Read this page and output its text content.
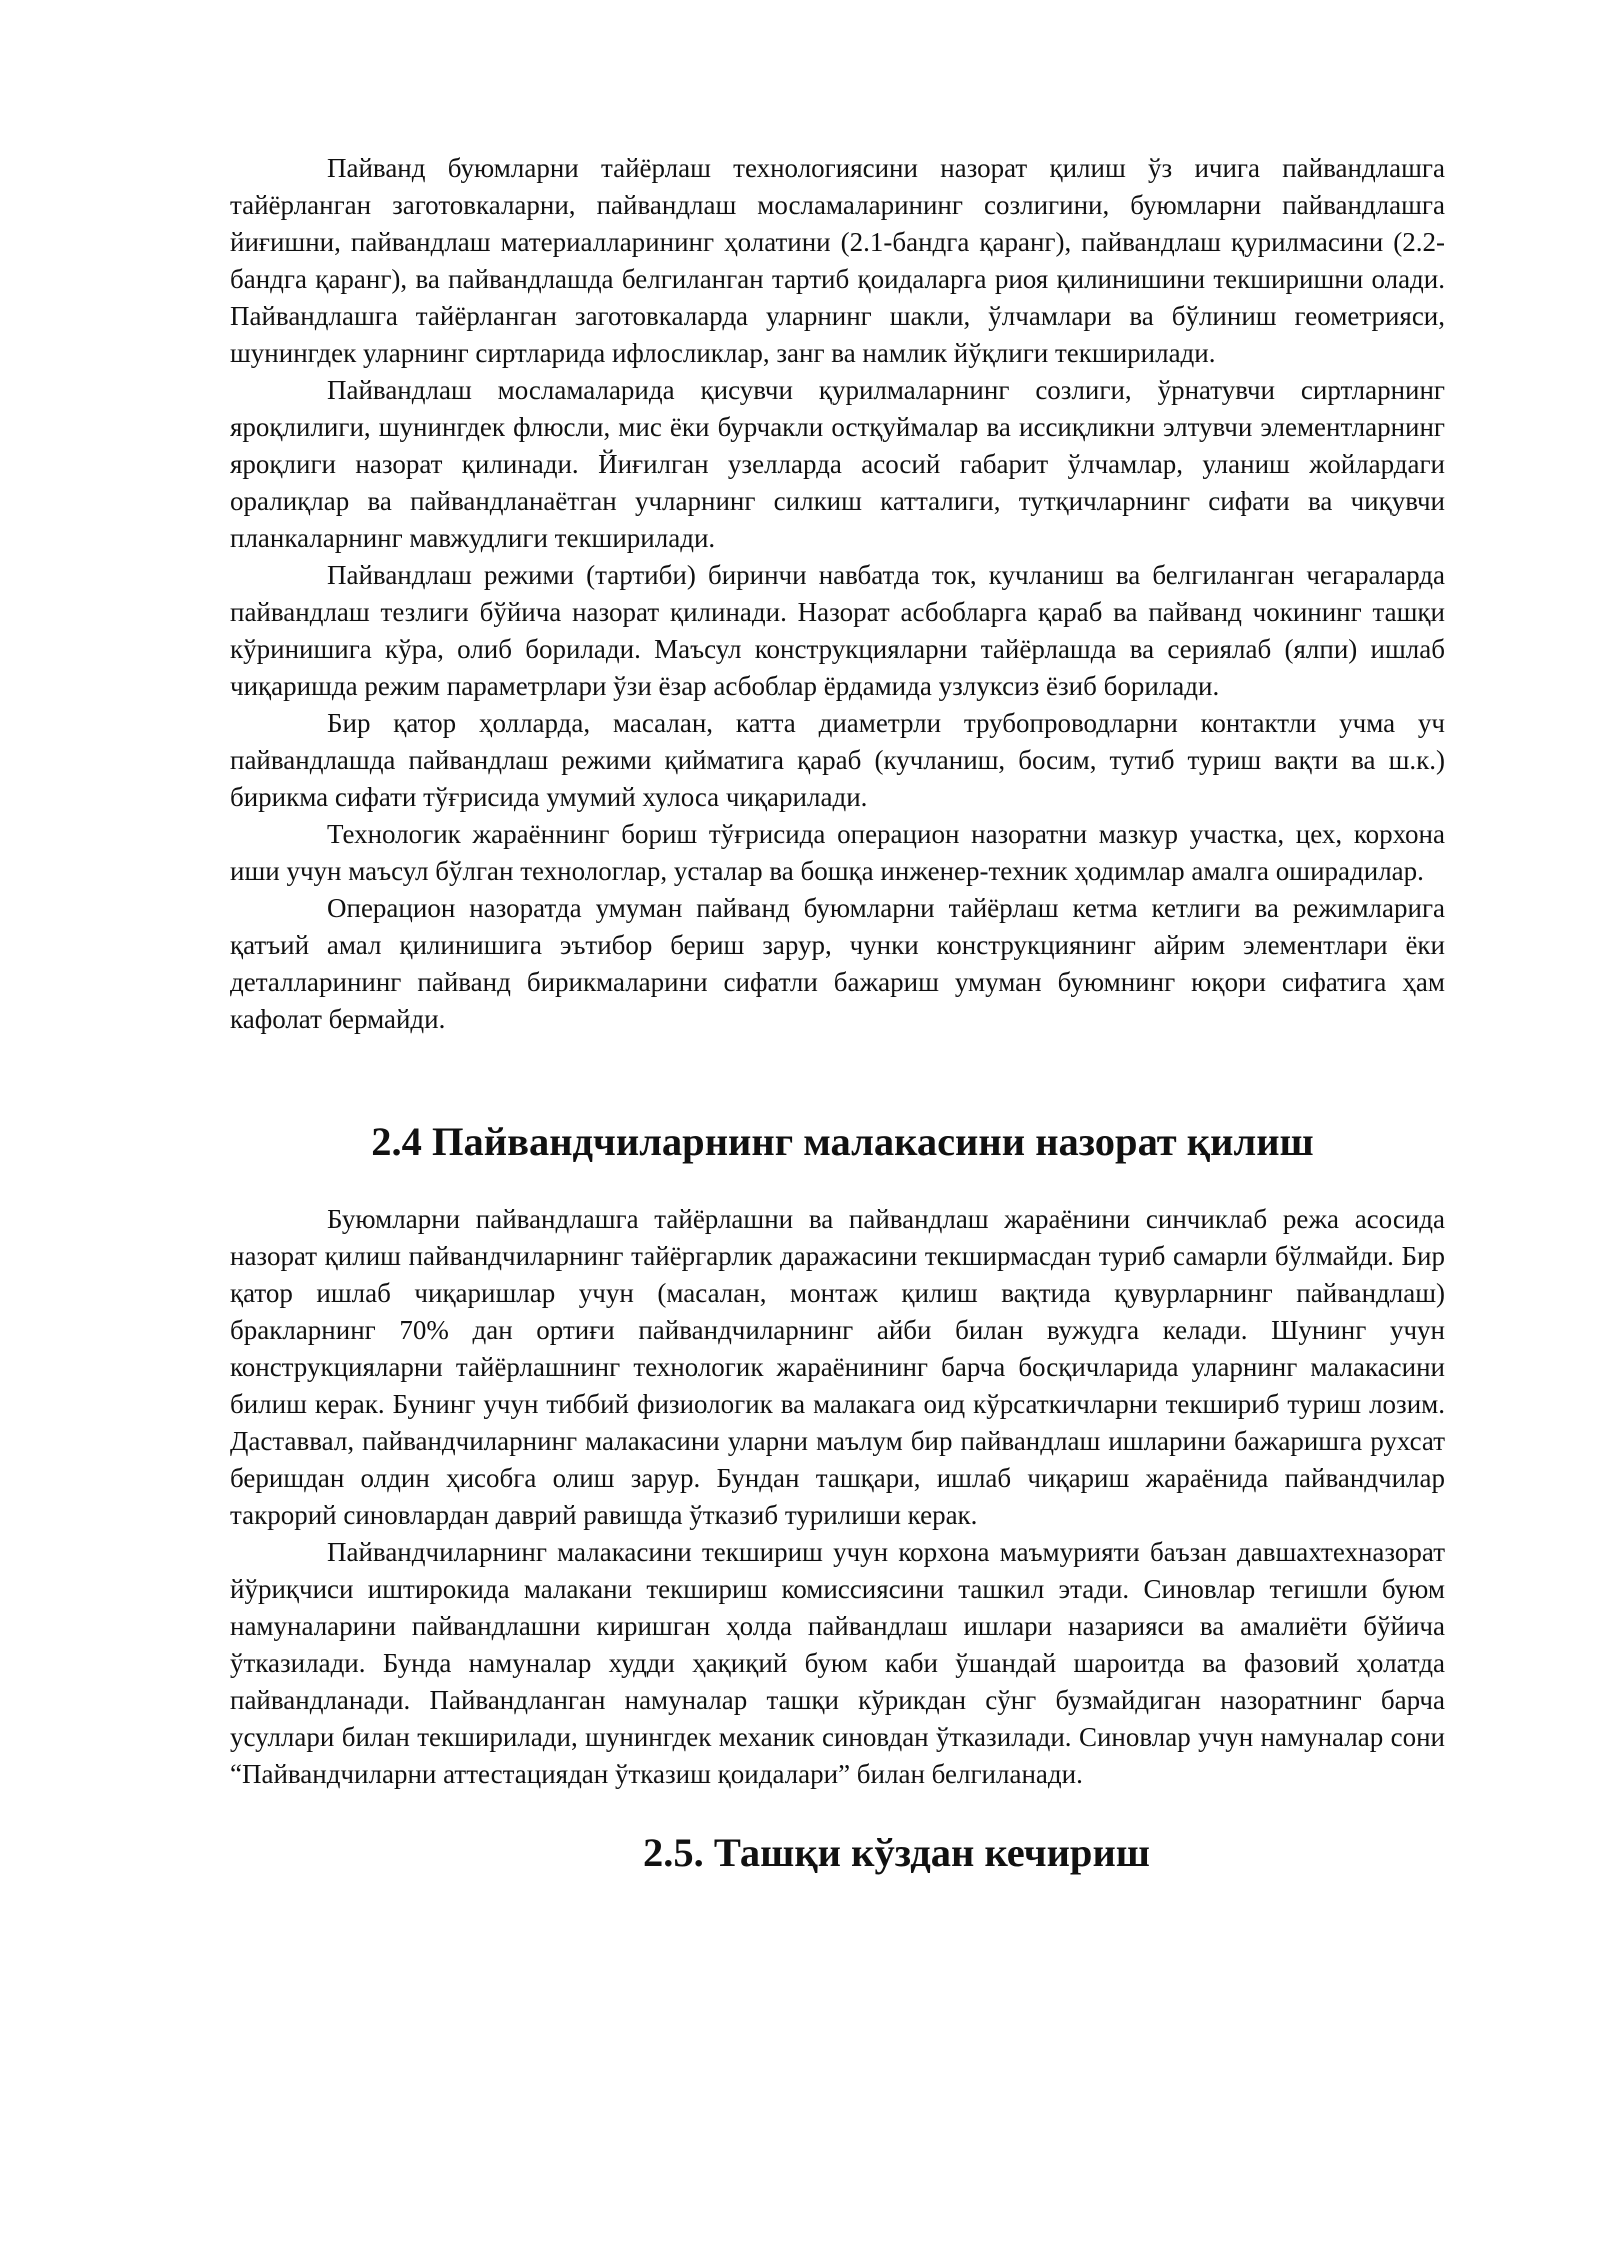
Пайванд буюмларни тайёрлаш технологиясини назорат қилиш ўз ичига пайвандлашга тайёрланган заготовкаларни, пайвандлаш мосламаларининг созлигини, буюмларни пайвандлашга йиғишни, пайвандлаш материалларининг ҳолатини (2.1-бандга қаранг), пайвандлаш қурилмасини (2.2-бандга қаранг), ва пайвандлашда белгиланган тартиб қоидаларга риоя қилинишини текширишни олади. Пайвандлашга тайёрланган заготовкаларда уларнинг шакли, ўлчамлари ва бўлиниш геометрияси, шунингдек уларнинг сиртларида ифлосликлар, занг ва намлик йўқлиги текширилади.

Пайвандлаш мосламаларида қисувчи қурилмаларнинг созлиги, ўрнатувчи сиртларнинг яроқлилиги, шунингдек флюсли, мис ёки бурчакли остқуймалар ва иссиқликни элтувчи элементларнинг яроқлиги назорат қилинади. Йиғилган узелларда асосий габарит ўлчамлар, уланиш жойлардаги оралиқлар ва пайвандланаётган учларнинг силкиш катталиги, тутқичларнинг сифати ва чиқувчи планкаларнинг мавжудлиги текширилади.

Пайвандлаш режими (тартиби) биринчи навбатда ток, кучланиш ва белгиланган чегараларда пайвандлаш тезлиги бўйича назорат қилинади. Назорат асбобларга қараб ва пайванд чокининг ташқи кўринишига кўра, олиб борилади. Маъсул конструкцияларни тайёрлашда ва сериялаб (ялпи) ишлаб чиқаришда режим параметрлари ўзи ёзар асбоблар ёрдамида узлуксиз ёзиб борилади.

Бир қатор ҳолларда, масалан, катта диаметрли трубопроводларни контактли учма уч пайвандлашда пайвандлаш режими қийматига қараб (кучланиш, босим, тутиб туриш вақти ва ш.к.) бирикма сифати тўғрисида умумий хулоса чиқарилади.

Технологик жараённинг бориш тўғрисида операцион назоратни мазкур участка, цех, корхона иши учун маъсул бўлган технологлар, усталар ва бошқа инженер-техник ҳодимлар амалга оширадилар.

Операцион назоратда умуман пайванд буюмларни тайёрлаш кетма кетлиги ва режимларига қатъий амал қилинишига эътибор бериш зарур, чунки конструкциянинг айрим элементлари ёки деталларининг пайванд бирикмаларини сифатли бажариш умуман буюмнинг юқори сифатига ҳам кафолат бермайди.

2.4 Пайвандчиларнинг малакасини назорат қилиш

Буюмларни пайвандлашга тайёрлашни ва пайвандлаш жараёнини синчиклаб режа асосида назорат қилиш пайвандчиларнинг тайёргарлик даражасини текширмасдан туриб самарли бўлмайди. Бир қатор ишлаб чиқаришлар учун (масалан, монтаж қилиш вақтида қувурларнинг пайвандлаш) бракларнинг 70% дан ортиғи пайвандчиларнинг айби билан вужудга келади. Шунинг учун конструкцияларни тайёрлашнинг технологик жараёнининг барча босқичларида уларнинг малакасини билиш керак. Бунинг учун тиббий физиологик ва малакага оид кўрсаткичларни текшириб туриш лозим. Даставвал, пайвандчиларнинг малакасини уларни маълум бир пайвандлаш ишларини бажаришга рухсат беришдан олдин ҳисобга олиш зарур. Бундан ташқари, ишлаб чиқариш жараёнида пайвандчилар такрорий синовлардан даврий равишда ўтказиб турилиши керак.

Пайвандчиларнинг малакасини текшириш учун корхона маъмурияти баъзан давшахтехназорат йўриқчиси иштирокида малакани текшириш комиссиясини ташкил этади. Синовлар тегишли буюм намуналарини пайвандлашни киришган ҳолда пайвандлаш ишлари назарияси ва амалиёти бўйича ўтказилади. Бунда намуналар худди ҳақиқий буюм каби ўшандай шароитда ва фазовий ҳолатда пайвандланади. Пайвандланган намуналар ташқи кўрикдан сўнг бузмайдиган назоратнинг барча усуллари билан текширилади, шунингдек механик синовдан ўтказилади. Синовлар учун намуналар сони “Пайвандчиларни аттестациядан ўтказиш қоидалари” билан белгиланади.

2.5. Ташқи кўздан кечириш
